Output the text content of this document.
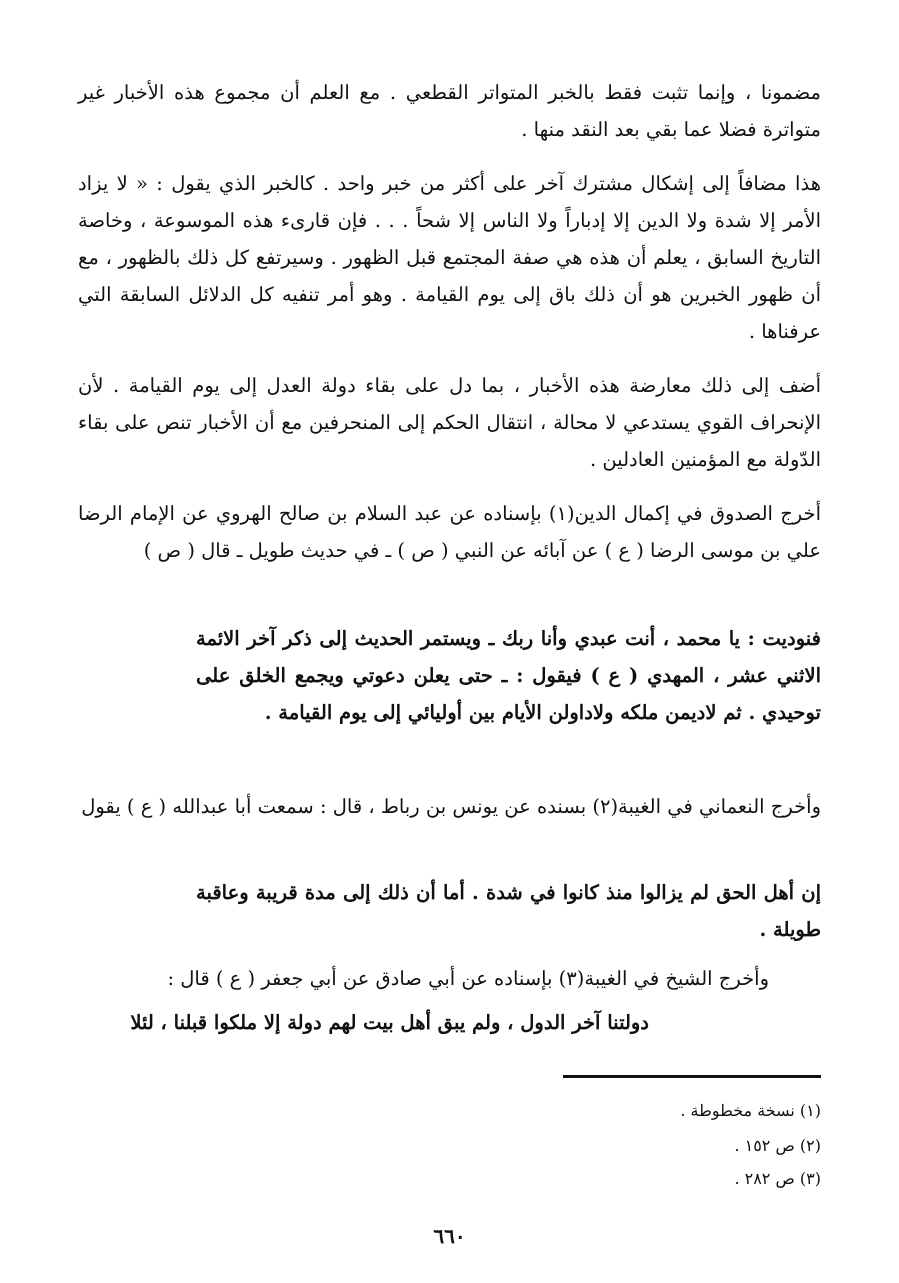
مضمونا ، وإنما تثبت فقط بالخبر المتواتر القطعي . مع العلم أن مجموع هذه الأخبار غير متواترة فضلا عما بقي بعد النقد منها .
هذا مضافاً إلى إشكال مشترك آخر على أكثر من خبر واحد . كالخبر الذي يقول : « لا يزاد الأمر إلا شدة ولا الدين إلا إدباراً ولا الناس إلا شحاً . . . فإن قارىء هذه الموسوعة ، وخاصة التاريخ السابق ، يعلم أن هذه هي صفة المجتمع قبل الظهور . وسيرتفع كل ذلك بالظهور ، مع أن ظهور الخبرين هو أن ذلك باق إلى يوم القيامة . وهو أمر تنفيه كل الدلائل السابقة التي عرفناها .
أضف إلى ذلك معارضة هذه الأخبار ، بما دل على بقاء دولة العدل إلى يوم القيامة . لأن الإنحراف القوي يستدعي لا محالة ، انتقال الحكم إلى المنحرفين مع أن الأخبار تنص على بقاء الدّولة مع المؤمنين العادلين .
أخرج الصدوق في إكمال الدين(١) بإسناده عن عبد السلام بن صالح الهروي عن الإمام الرضا علي بن موسى الرضا ( ع ) عن آبائه عن النبي ( ص ) ـ في حديث طويل ـ قال ( ص )
فنوديت : يا محمد ، أنت عبدي وأنا ربك ـ ويستمر الحديث إلى ذكر آخر الائمة الاثني عشر ، المهدي ( ع ) فيقول : ـ حتى يعلن دعوتي ويجمع الخلق على توحيدي . ثم لاديمن ملكه ولاداولن الأيام بين أوليائي إلى يوم القيامة .
وأخرج النعماني في الغيبة(٢) بسنده عن يونس بن رباط ، قال : سمعت أبا عبدالله ( ع ) يقول
إن أهل الحق لم يزالوا منذ كانوا في شدة . أما أن ذلك إلى مدة قريبة وعاقبة طويلة .
وأخرج الشيخ في الغيبة(٣) بإسناده عن أبي صادق عن أبي جعفر ( ع ) قال :
دولتنا آخر الدول ، ولم يبق أهل بيت لهم دولة إلا ملكوا قبلنا ، لئلا
(١) نسخة مخطوطة .
(٢) ص ١٥٢ .
(٣) ص ٢٨٢ .
٦٦٠
